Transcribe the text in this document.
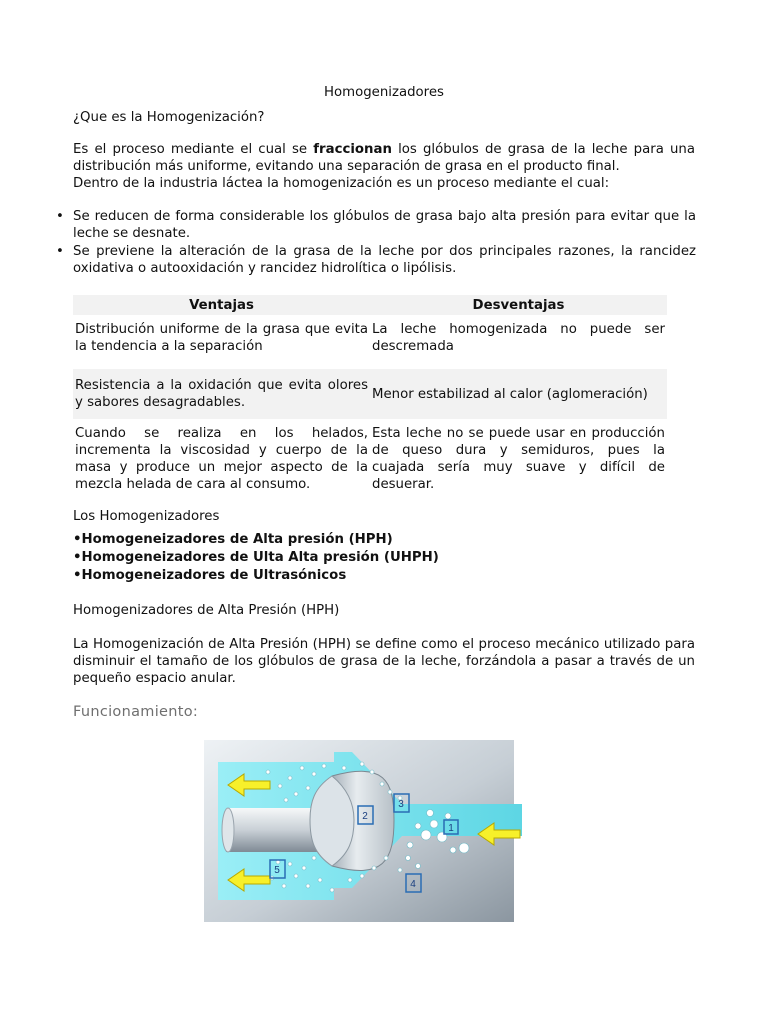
Homogenizadores
¿Que es la Homogenización?

Es el proceso mediante el cual se fraccionan los glóbulos de grasa de la leche para una distribución más uniforme, evitando una separación de grasa en el producto final.

Dentro de la industria láctea la homogenización es un proceso mediante el cual:

• Se reducen de forma considerable los glóbulos de grasa bajo alta presión para evitar que la leche se desnate.
• Se previene la alteración de la grasa de la leche por dos principales razones, la rancidez oxidativa o autooxidación y rancidez hidrolítica o lipólisis.
Ventajas	Desventajas
Distribución uniforme de la grasa que evita la tendencia a la separación	La leche homogenizada no puede ser descremada
Resistencia a la oxidación que evita olores y sabores desagradables.	Menor estabilizad al calor (aglomeración)
Cuando se realiza en los helados, incrementa la viscosidad y cuerpo de la masa y produce un mejor aspecto de la mezcla helada de cara al consumo.	Esta leche no se puede usar en producción de queso dura y semiduros, pues la cuajada sería muy suave y difícil de desuerar.
Los Homogenizadores
•Homogeneizadores de Alta presión (HPH)
•Homogeneizadores de Ulta Alta presión (UHPH)
•Homogeneizadores de Ultrasónicos
Homogenizadores de Alta Presión (HPH)
La Homogenización de Alta Presión (HPH) se define como el proceso mecánico utilizado para disminuir el tamaño de los glóbulos de grasa de la leche, forzándola a pasar a través de un pequeño espacio anular.
Funcionamiento:
1
2
3
4
5
